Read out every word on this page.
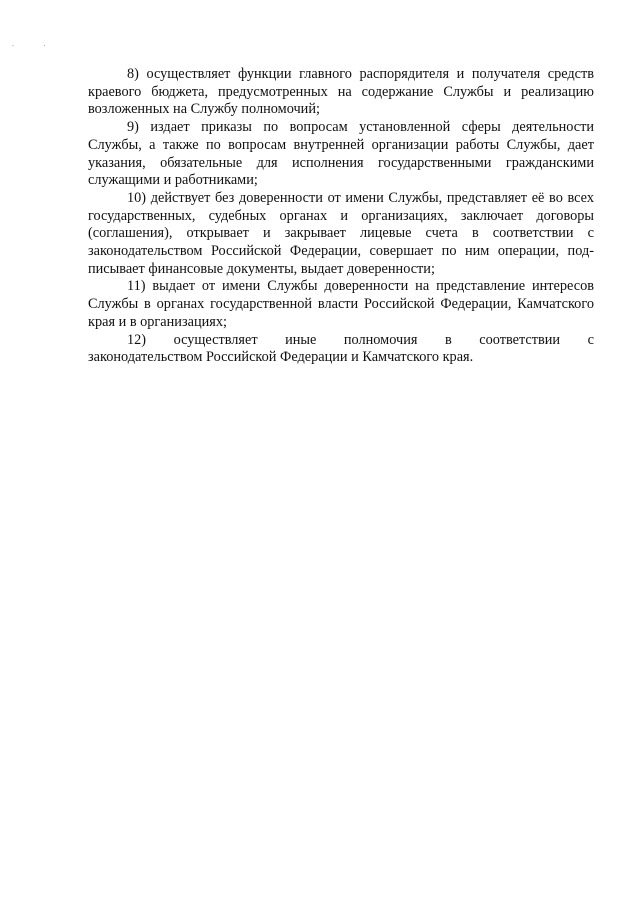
. .

8) осуществляет функции главного распорядителя и получателя средств краевого бюджета, предусмотренных на содержание Службы и реализацию возложенных на Службу полномочий;

9) издает приказы по вопросам установленной сферы деятельности Службы, а также по вопросам внутренней организации работы Службы, дает указания, обязательные для исполнения государственными гражданскими служащими и работниками;

10) действует без доверенности от имени Службы, представляет её во всех государственных, судебных органах и организациях, заключает договоры (соглашения), открывает и закрывает лицевые счета в соответствии с законодательством Российской Федерации, совершает по ним операции, подписывает финансовые документы, выдает доверенности;

11) выдает от имени Службы доверенности на представление интересов Службы в органах государственной власти Российской Федерации, Камчатского края и в организациях;

12) осуществляет иные полномочия в соответствии с

законодательством Российской Федерации и Камчатского края.
